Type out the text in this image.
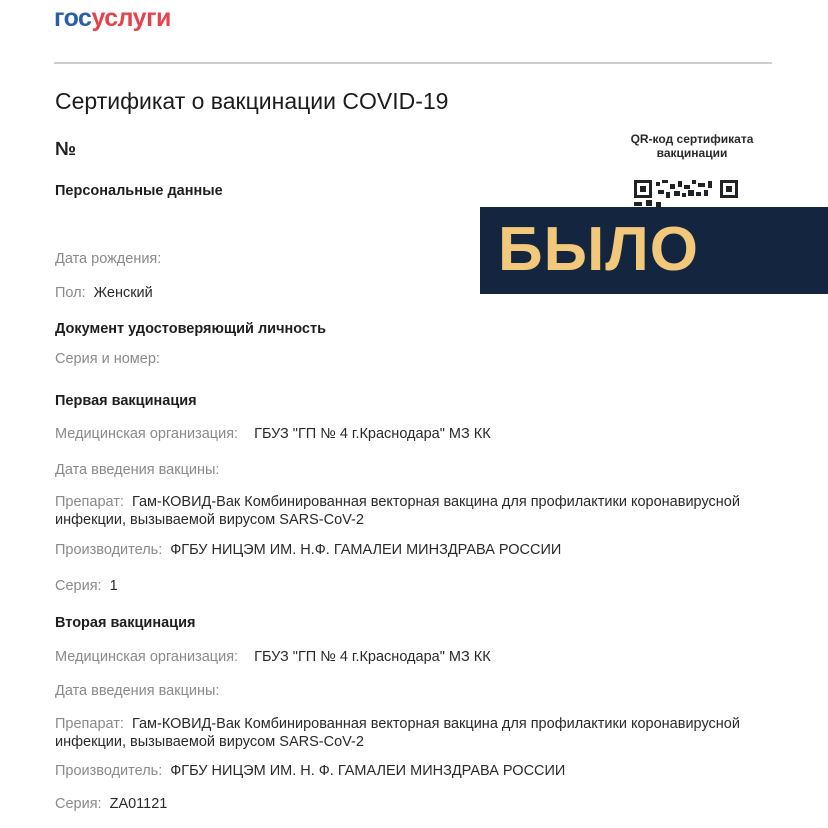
госуслуги
Сертификат о вакцинации COVID-19
№	QR-код сертификата вакцинации
БЫЛО
Персональные данные
Дата рождения:
Пол: Женский
Документ удостоверяющий личность
Серия и номер:
Первая вакцинация
Медицинская организация: ГБУЗ "ГП № 4 г.Краснодара" МЗ КК
Дата введения вакцины:
Препарат: Гам-КОВИД-Вак Комбинированная векторная вакцина для профилактики коронавирусной инфекции, вызываемой вирусом SARS-CoV-2
Производитель: ФГБУ НИЦЭМ ИМ. Н.Ф. ГАМАЛЕИ МИНЗДРАВА РОССИИ
Серия: 1
Вторая вакцинация
Медицинская организация: ГБУЗ "ГП № 4 г.Краснодара" МЗ КК
Дата введения вакцины:
Препарат: Гам-КОВИД-Вак Комбинированная векторная вакцина для профилактики коронавирусной инфекции, вызываемой вирусом SARS-CoV-2
Производитель: ФГБУ НИЦЭМ ИМ. Н. Ф. ГАМАЛЕИ МИНЗДРАВА РОССИИ
Серия: ZA01121
